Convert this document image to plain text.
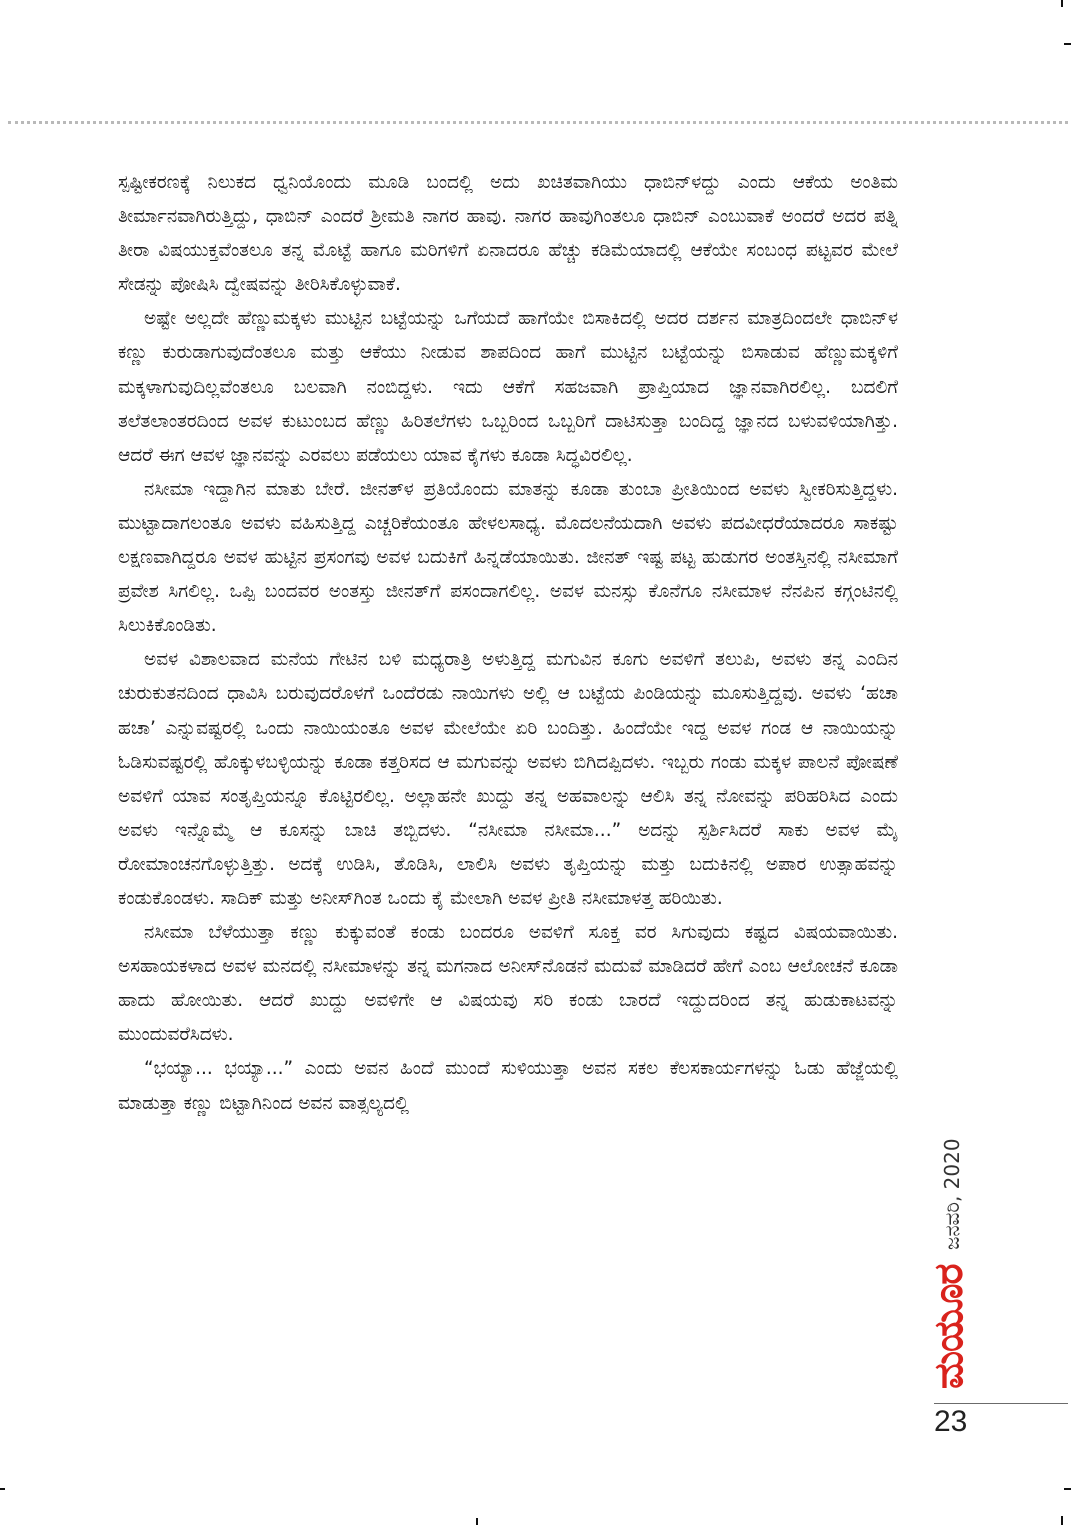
ಸ್ಪಷ್ಟೀಕರಣಕ್ಕೆ ನಿಲುಕದ ಧ್ವನಿಯೊಂದು ಮೂಡಿ ಬಂದಲ್ಲಿ ಅದು ಖಚಿತವಾಗಿಯು ಧಾಬಿನ್‌ಳದ್ದು ಎಂದು ಆಕೆಯ ಅಂತಿಮ ತೀರ್ಮಾನವಾಗಿರುತ್ತಿದ್ದು, ಧಾಬಿನ್ ಎಂದರೆ ಶ್ರೀಮತಿ ನಾಗರ ಹಾವು. ನಾಗರ ಹಾವುಗಿಂತಲೂ ಧಾಬಿನ್ ಎಂಬುವಾಕೆ ಅಂದರೆ ಅದರ ಪತ್ನಿ ತೀರಾ ವಿಷಯುಕ್ತವೆಂತಲೂ ತನ್ನ ಮೊಟ್ಟೆ ಹಾಗೂ ಮರಿಗಳಿಗೆ ಏನಾದರೂ ಹೆಚ್ಚು ಕಡಿಮೆಯಾದಲ್ಲಿ ಆಕೆಯೇ ಸಂಬಂಧ ಪಟ್ಟವರ ಮೇಲೆ ಸೇಡನ್ನು ಪೋಷಿಸಿ ದ್ವೇಷವನ್ನು ತೀರಿಸಿಕೊಳ್ಳುವಾಕೆ.

ಅಷ್ಟೇ ಅಲ್ಲದೇ ಹೆಣ್ಣುಮಕ್ಕಳು ಮುಟ್ಟಿನ ಬಟ್ಟೆಯನ್ನು ಒಗೆಯದೆ ಹಾಗೆಯೇ ಬಿಸಾಕಿದಲ್ಲಿ ಅದರ ದರ್ಶನ ಮಾತ್ರದಿಂದಲೇ ಧಾಬಿನ್‌ಳ ಕಣ್ಣು ಕುರುಡಾಗುವುದೆಂತಲೂ ಮತ್ತು ಆಕೆಯು ನೀಡುವ ಶಾಪದಿಂದ ಹಾಗೆ ಮುಟ್ಟಿನ ಬಟ್ಟೆಯನ್ನು ಬಿಸಾಡುವ ಹೆಣ್ಣುಮಕ್ಕಳಿಗೆ ಮಕ್ಕಳಾಗುವುದಿಲ್ಲವೆಂತಲೂ ಬಲವಾಗಿ ನಂಬಿದ್ದಳು. ಇದು ಆಕೆಗೆ ಸಹಜವಾಗಿ ಪ್ರಾಪ್ತಿಯಾದ ಜ್ಞಾನವಾಗಿರಲಿಲ್ಲ. ಬದಲಿಗೆ ತಲೆತಲಾಂತರದಿಂದ ಅವಳ ಕುಟುಂಬದ ಹೆಣ್ಣು ಹಿರಿತಲೆಗಳು ಒಬ್ಬರಿಂದ ಒಬ್ಬರಿಗೆ ದಾಟಿಸುತ್ತಾ ಬಂದಿದ್ದ ಜ್ಞಾನದ ಬಳುವಳಿಯಾಗಿತ್ತು. ಆದರೆ ಈಗ ಆವಳ ಜ್ಞಾನವನ್ನು ಎರವಲು ಪಡೆಯಲು ಯಾವ ಕೈಗಳು ಕೂಡಾ ಸಿದ್ಧವಿರಲಿಲ್ಲ.

ನಸೀಮಾ ಇದ್ದಾಗಿನ ಮಾತು ಬೇರೆ. ಜೀನತ್‌ಳ ಪ್ರತಿಯೊಂದು ಮಾತನ್ನು ಕೂಡಾ ತುಂಬಾ ಪ್ರೀತಿಯಿಂದ ಅವಳು ಸ್ವೀಕರಿಸುತ್ತಿದ್ದಳು. ಮುಟ್ಟಾದಾಗಲಂತೂ ಅವಳು ವಹಿಸುತ್ತಿದ್ದ ಎಚ್ಚರಿಕೆಯಂತೂ ಹೇಳಲಸಾಧ್ಯ. ಮೊದಲನೆಯದಾಗಿ ಅವಳು ಪದವೀಧರೆಯಾದರೂ ಸಾಕಷ್ಟು ಲಕ್ಷಣವಾಗಿದ್ದರೂ ಅವಳ ಹುಟ್ಟಿನ ಪ್ರಸಂಗವು ಅವಳ ಬದುಕಿಗೆ ಹಿನ್ನಡೆಯಾಯಿತು. ಜೀನತ್ ಇಷ್ಟ ಪಟ್ಟ ಹುಡುಗರ ಅಂತಸ್ತಿನಲ್ಲಿ ನಸೀಮಾಗೆ ಪ್ರವೇಶ ಸಿಗಲಿಲ್ಲ. ಒಪ್ಪಿ ಬಂದವರ ಅಂತಸ್ತು ಜೀನತ್‌ಗೆ ಪಸಂದಾಗಲಿಲ್ಲ. ಅವಳ ಮನಸ್ಸು ಕೊನೆಗೂ ನಸೀಮಾಳ ನೆನಪಿನ ಕಗ್ಗಂಟಿನಲ್ಲಿ ಸಿಲುಕಿಕೊಂಡಿತು.

ಅವಳ ವಿಶಾಲವಾದ ಮನೆಯ ಗೇಟಿನ ಬಳಿ ಮಧ್ಯರಾತ್ರಿ ಅಳುತ್ತಿದ್ದ ಮಗುವಿನ ಕೂಗು ಅವಳಿಗೆ ತಲುಪಿ, ಅವಳು ತನ್ನ ಎಂದಿನ ಚುರುಕುತನದಿಂದ ಧಾವಿಸಿ ಬರುವುದರೊಳಗೆ ಒಂದೆರಡು ನಾಯಿಗಳು ಅಲ್ಲಿ ಆ ಬಟ್ಟೆಯ ಪಿಂಡಿಯನ್ನು ಮೂಸುತ್ತಿದ್ದವು. ಅವಳು ‘ಹಚಾ ಹಚಾ’ ಎನ್ನುವಷ್ಟರಲ್ಲಿ ಒಂದು ನಾಯಿಯಂತೂ ಅವಳ ಮೇಲೆಯೇ ಏರಿ ಬಂದಿತ್ತು. ಹಿಂದೆಯೇ ಇದ್ದ ಅವಳ ಗಂಡ ಆ ನಾಯಿಯನ್ನು ಓಡಿಸುವಷ್ಟರಲ್ಲಿ ಹೊಕ್ಕುಳಬಳ್ಳಿಯನ್ನು ಕೂಡಾ ಕತ್ತರಿಸದ ಆ ಮಗುವನ್ನು ಅವಳು ಬಿಗಿದಪ್ಪಿದಳು. ಇಬ್ಬರು ಗಂಡು ಮಕ್ಕಳ ಪಾಲನೆ ಪೋಷಣೆ ಅವಳಿಗೆ ಯಾವ ಸಂತೃಪ್ತಿಯನ್ನೂ ಕೊಟ್ಟಿರಲಿಲ್ಲ. ಅಲ್ಲಾಹನೇ ಖುದ್ದು ತನ್ನ ಅಹವಾಲನ್ನು ಆಲಿಸಿ ತನ್ನ ನೋವನ್ನು ಪರಿಹರಿಸಿದ ಎಂದು ಅವಳು ಇನ್ನೊಮ್ಮೆ ಆ ಕೂಸನ್ನು ಬಾಚಿ ತಬ್ಬಿದಳು. “ನಸೀಮಾ ನಸೀಮಾ...” ಅದನ್ನು ಸ್ಪರ್ಶಿಸಿದರೆ ಸಾಕು ಅವಳ ಮೈ ರೋಮಾಂಚನಗೊಳ್ಳುತ್ತಿತ್ತು. ಅದಕ್ಕೆ ಉಡಿಸಿ, ತೊಡಿಸಿ, ಲಾಲಿಸಿ ಅವಳು ತೃಪ್ತಿಯನ್ನು ಮತ್ತು ಬದುಕಿನಲ್ಲಿ ಅಪಾರ ಉತ್ಸಾಹವನ್ನು ಕಂಡುಕೊಂಡಳು. ಸಾದಿಕ್ ಮತ್ತು ಅನೀಸ್‌ಗಿಂತ ಒಂದು ಕೈ ಮೇಲಾಗಿ ಅವಳ ಪ್ರೀತಿ ನಸೀಮಾಳತ್ತ ಹರಿಯಿತು.

ನಸೀಮಾ ಬೆಳೆಯುತ್ತಾ ಕಣ್ಣು ಕುಕ್ಕುವಂತೆ ಕಂಡು ಬಂದರೂ ಅವಳಿಗೆ ಸೂಕ್ತ ವರ ಸಿಗುವುದು ಕಷ್ಟದ ವಿಷಯವಾಯಿತು. ಅಸಹಾಯಕಳಾದ ಅವಳ ಮನದಲ್ಲಿ ನಸೀಮಾಳನ್ನು ತನ್ನ ಮಗನಾದ ಅನೀಸ್‌ನೊಡನೆ ಮದುವೆ ಮಾಡಿದರೆ ಹೇಗೆ ಎಂಬ ಆಲೋಚನೆ ಕೂಡಾ ಹಾದು ಹೋಯಿತು. ಆದರೆ ಖುದ್ದು ಅವಳಿಗೇ ಆ ವಿಷಯವು ಸರಿ ಕಂಡು ಬಾರದೆ ಇದ್ದುದರಿಂದ ತನ್ನ ಹುಡುಕಾಟವನ್ನು ಮುಂದುವರೆಸಿದಳು.

“ಭಯ್ಯಾ... ಭಯ್ಯಾ...” ಎಂದು ಅವನ ಹಿಂದೆ ಮುಂದೆ ಸುಳಿಯುತ್ತಾ ಅವನ ಸಕಲ ಕೆಲಸಕಾರ್ಯಗಳನ್ನು ಓಡು ಹೆಜ್ಜೆಯಲ್ಲಿ ಮಾಡುತ್ತಾ ಕಣ್ಣು ಬಿಟ್ಟಾಗಿನಿಂದ ಅವನ ವಾತ್ಸಲ್ಯದಲ್ಲಿ

ಜನವರಿ, 2020
ಮಯೂರ
23
